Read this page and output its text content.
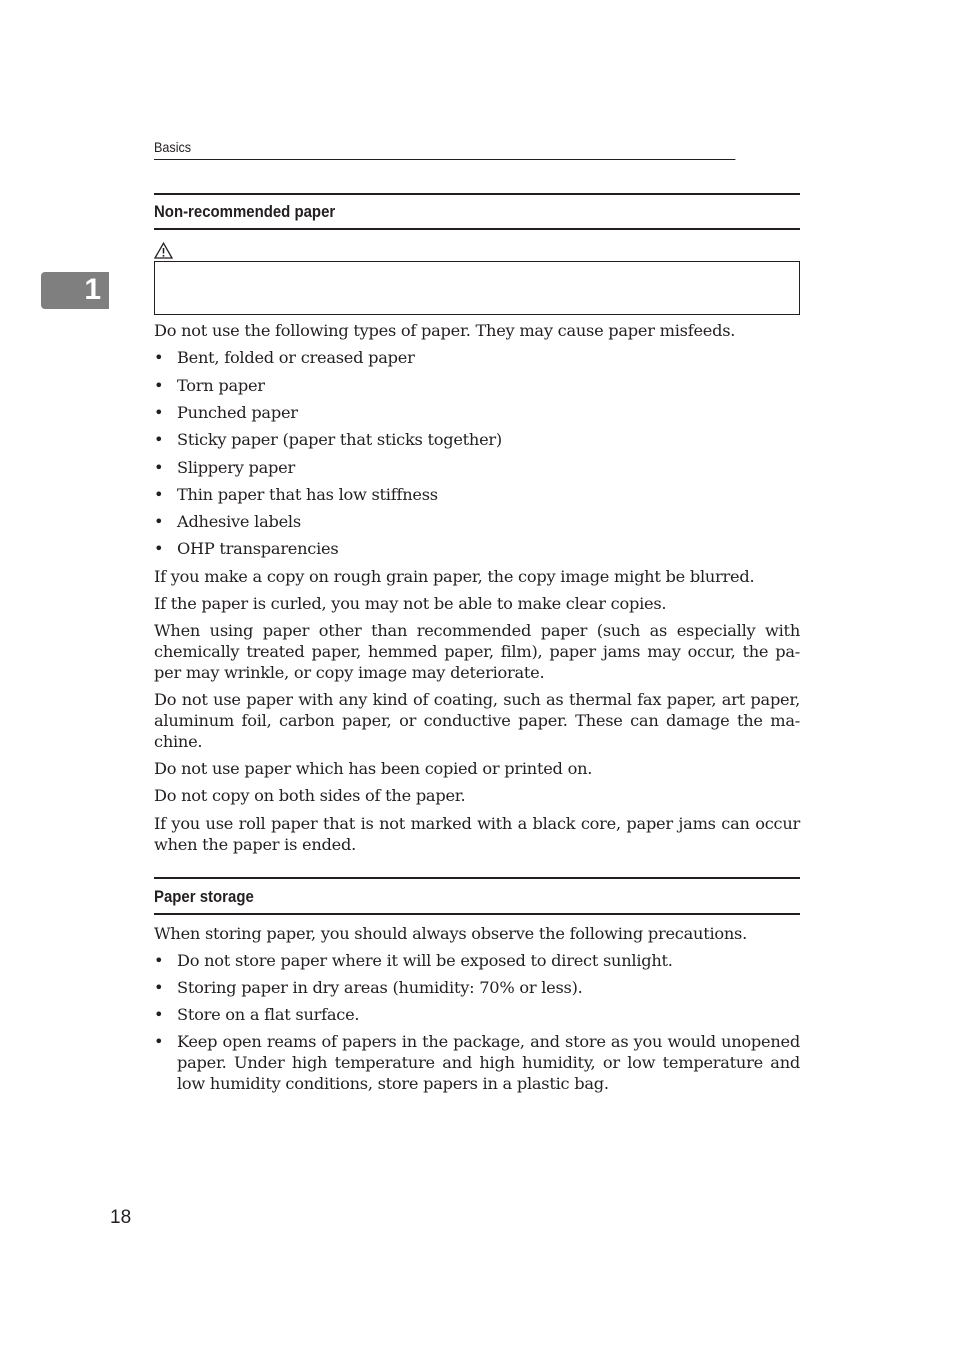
Basics
1
Non-recommended paper

Do not use the following types of paper. They may cause paper misfeeds.

• Bent, folded or creased paper
• Torn paper
• Punched paper
• Sticky paper (paper that sticks together)
• Slippery paper
• Thin paper that has low stiffness
• Adhesive labels
• OHP transparencies

If you make a copy on rough grain paper, the copy image might be blurred.

If the paper is curled, you may not be able to make clear copies.

When using paper other than recommended paper (such as especially with chemically treated paper, hemmed paper, film), paper jams may occur, the pa-per may wrinkle, or copy image may deteriorate.

Do not use paper with any kind of coating, such as thermal fax paper, art paper, aluminum foil, carbon paper, or conductive paper. These can damage the ma-chine.

Do not use paper which has been copied or printed on.

Do not copy on both sides of the paper.

If you use roll paper that is not marked with a black core, paper jams can occur when the paper is ended.

Paper storage

When storing paper, you should always observe the following precautions.

• Do not store paper where it will be exposed to direct sunlight.
• Storing paper in dry areas (humidity: 70% or less).
• Store on a flat surface.
• Keep open reams of papers in the package, and store as you would unopened paper. Under high temperature and high humidity, or low temperature and low humidity conditions, store papers in a plastic bag.
18
